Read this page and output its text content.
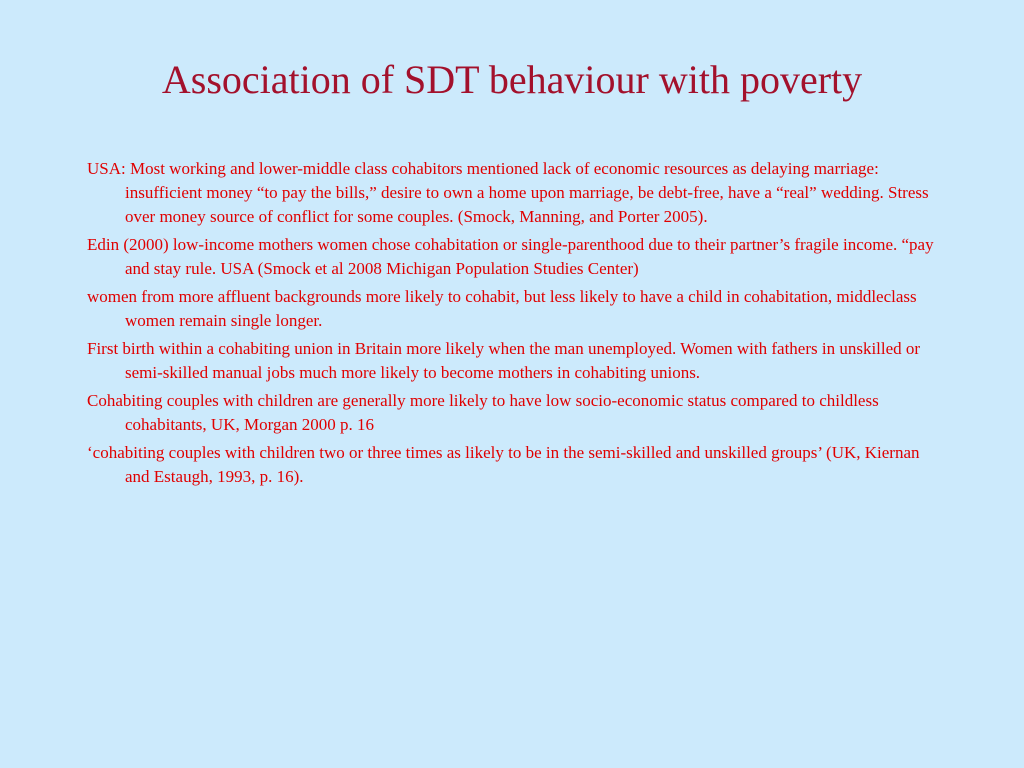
Association of SDT behaviour with poverty
USA: Most working and lower-middle class cohabitors mentioned lack of economic resources as delaying marriage: insufficient money “to pay the bills,” desire to own a home upon marriage, be debt-free, have a “real” wedding. Stress over money source of conflict for some couples. (Smock, Manning, and Porter 2005).
Edin (2000) low-income mothers women chose cohabitation or single-parenthood due to their partner’s fragile income. “pay and stay rule. USA (Smock et al 2008 Michigan Population Studies Center)
women from more affluent backgrounds more likely to cohabit, but less likely to have a child in cohabitation, middleclass women remain single longer.
First birth within a cohabiting union in Britain more likely when the man unemployed. Women with fathers in unskilled or semi-skilled manual jobs much more likely to become mothers in cohabiting unions.
Cohabiting couples with children are generally more likely to have low socio-economic status compared to childless cohabitants, UK, Morgan 2000 p. 16
‘cohabiting couples with children two or three times as likely to be in the semi-skilled and unskilled groups’ (UK, Kiernan and Estaugh, 1993, p. 16).
